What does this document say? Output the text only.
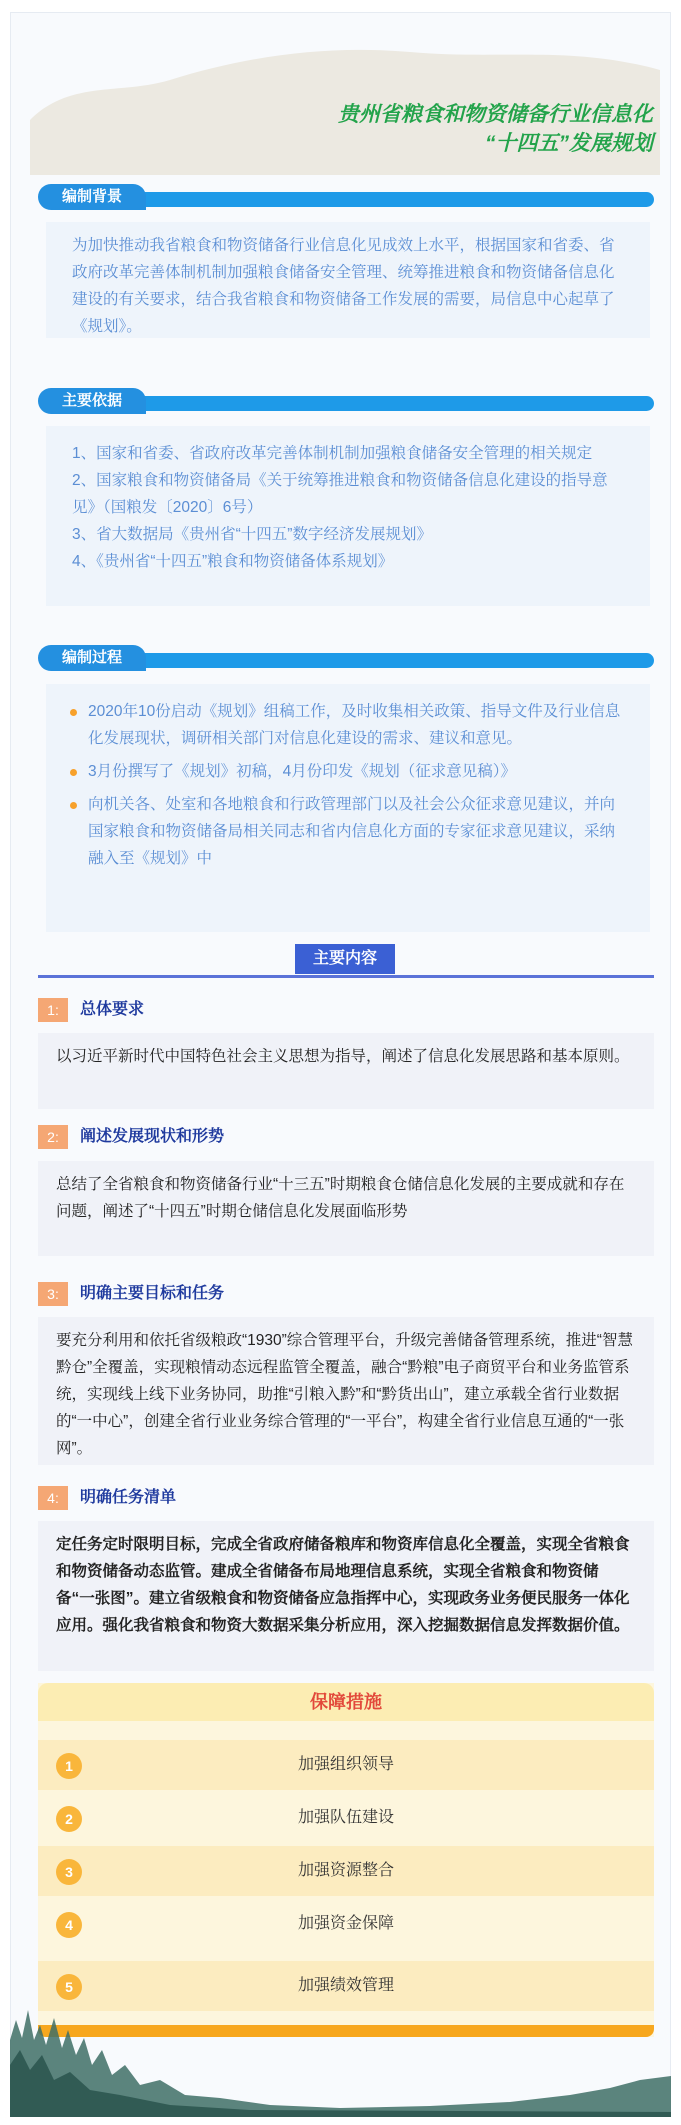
贵州省粮食和物资储备行业信息化
“十四五”发展规划
编制背景

为加快推动我省粮食和物资储备行业信息化见成效上水平，根据国家和省委、省政府改革完善体制机制加强粮食储备安全管理、统筹推进粮食和物资储备信息化建设的有关要求，结合我省粮食和物资储备工作发展的需要，局信息中心起草了《规划》。

主要依据

1、国家和省委、省政府改革完善体制机制加强粮食储备安全管理的相关规定

2、国家粮食和物资储备局《关于统筹推进粮食和物资储备信息化建设的指导意见》（国粮发〔2020〕6号）

3、省大数据局《贵州省“十四五”数字经济发展规划》

4、《贵州省“十四五”粮食和物资储备体系规划》

编制过程
2020年10份启动《规划》组稿工作，及时收集相关政策、指导文件及行业信息化发展现状，调研相关部门对信息化建设的需求、建议和意见。
3月份撰写了《规划》初稿，4月份印发《规划（征求意见稿）》
向机关各、处室和各地粮食和行政管理部门以及社会公众征求意见建议，并向国家粮食和物资储备局相关同志和省内信息化方面的专家征求意见建议，采纳融入至《规划》中
主要内容
1:	总体要求

以习近平新时代中国特色社会主义思想为指导，阐述了信息化发展思路和基本原则。

2:	阐述发展现状和形势

总结了全省粮食和物资储备行业“十三五”时期粮食仓储信息化发展的主要成就和存在问题，阐述了“十四五”时期仓储信息化发展面临形势

3:	明确主要目标和任务

要充分利用和依托省级粮政“1930”综合管理平台，升级完善储备管理系统，推进“智慧黔仓”全覆盖，实现粮情动态远程监管全覆盖，融合“黔粮”电子商贸平台和业务监管系统，实现线上线下业务协同，助推“引粮入黔”和“黔货出山”，建立承载全省行业数据的“一中心”，创建全省行业业务综合管理的“一平台”，构建全省行业信息互通的“一张网”。

4:	明确任务清单

定任务定时限明目标，完成全省政府储备粮库和物资库信息化全覆盖，实现全省粮食和物资储备动态监管。建成全省储备布局地理信息系统，实现全省粮食和物资储备“一张图”。建立省级粮食和物资储备应急指挥中心，实现政务业务便民服务一体化应用。强化我省粮食和物资大数据采集分析应用，深入挖掘数据信息发挥数据价值。

保障措施
1	加强组织领导
2	加强队伍建设
3	加强资源整合
4	加强资金保障
5	加强绩效管理
